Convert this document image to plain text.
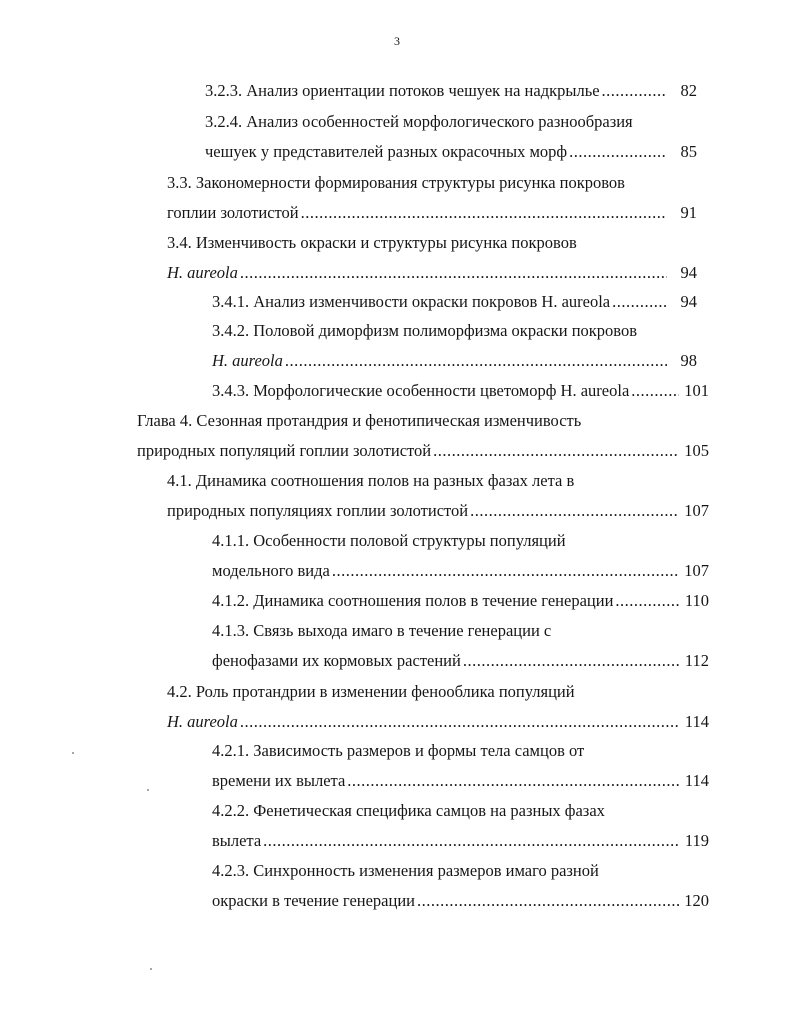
3
3.2.3. Анализ ориентации потоков чешуек на надкрылье .....	82
3.2.4. Анализ особенностей морфологического разнообразия
чешуек у представителей разных окрасочных морф .....	85
3.3. Закономерности формирования структуры рисунка покровов
гоплии золотистой .....	91
3.4. Изменчивость окраски и структуры рисунка покровов
H. aureola .....	94
3.4.1. Анализ изменчивости окраски покровов H. aureola .....	94
3.4.2. Половой диморфизм полиморфизма окраски покровов
H. aureola .....	98
3.4.3. Морфологические особенности цветоморф H. aureola .....	101
Глава 4. Сезонная протандрия и фенотипическая изменчивость
природных популяций гоплии золотистой .....	105
4.1. Динамика соотношения полов на разных фазах лета в
природных популяциях гоплии золотистой .....	107
4.1.1. Особенности половой структуры популяций
модельного вида .....	107
4.1.2. Динамика соотношения полов в течение генерации .....	110
4.1.3. Связь выхода имаго в течение генерации с
фенофазами их кормовых растений .....	112
4.2. Роль протандрии в изменении фенооблика популяций
H. aureola .....	114
4.2.1. Зависимость размеров и формы тела самцов от
времени их вылета .....	114
4.2.2. Фенетическая специфика самцов на разных фазах
вылета .....	119
4.2.3. Синхронность изменения размеров имаго разной
окраски в течение генерации .....	120
